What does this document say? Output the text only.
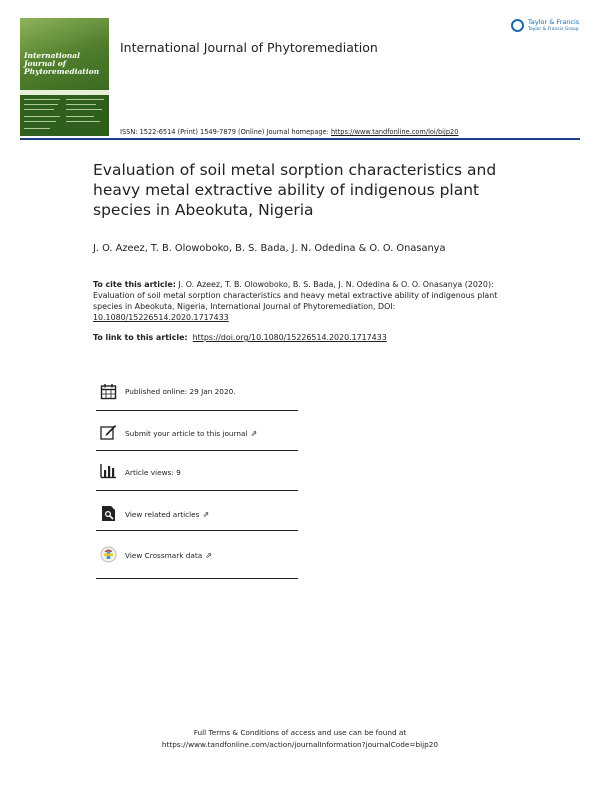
International
Journal of
Phytoremediation
Taylor & Francis
Taylor & Francis Group
International Journal of Phytoremediation
ISSN: 1522-6514 (Print) 1549-7879 (Online) Journal homepage: https://www.tandfonline.com/loi/bijp20
Evaluation of soil metal sorption characteristics and heavy metal extractive ability of indigenous plant species in Abeokuta, Nigeria
J. O. Azeez, T. B. Olowoboko, B. S. Bada, J. N. Odedina & O. O. Onasanya
To cite this article: J. O. Azeez, T. B. Olowoboko, B. S. Bada, J. N. Odedina & O. O. Onasanya (2020): Evaluation of soil metal sorption characteristics and heavy metal extractive ability of indigenous plant species in Abeokuta, Nigeria, International Journal of Phytoremediation, DOI: 10.1080/15226514.2020.1717433
To link to this article: https://doi.org/10.1080/15226514.2020.1717433
Published online: 29 Jan 2020.
Submit your article to this journal ⇗
Article views: 9
View related articles ⇗
View Crossmark data ⇗
Full Terms & Conditions of access and use can be found at
https://www.tandfonline.com/action/journalInformation?journalCode=bijp20
